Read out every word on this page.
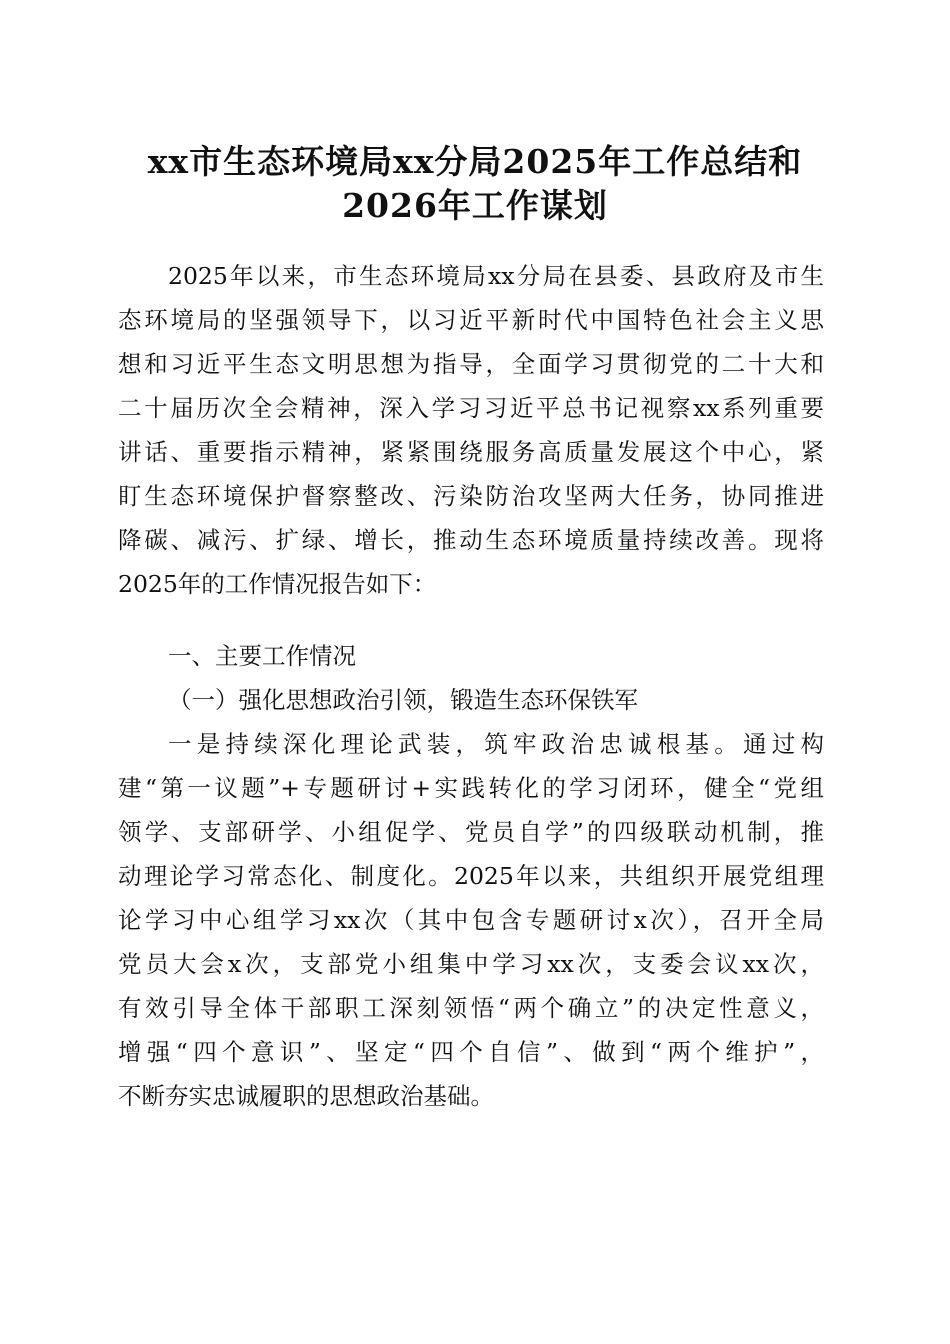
xx市生态环境局xx分局2025年工作总结和
2026年工作谋划
2025年以来，市生态环境局xx分局在县委、县政府及市生
态环境局的坚强领导下，以习近平新时代中国特色社会主义思
想和习近平生态文明思想为指导，全面学习贯彻党的二十大和
二十届历次全会精神，深入学习习近平总书记视察xx系列重要
讲话、重要指示精神，紧紧围绕服务高质量发展这个中心，紧
盯生态环境保护督察整改、污染防治攻坚两大任务，协同推进
降碳、减污、扩绿、增长，推动生态环境质量持续改善。现将
2025年的工作情况报告如下：
一、主要工作情况
（一）强化思想政治引领，锻造生态环保铁军
一是持续深化理论武装，筑牢政治忠诚根基。通过构
建“第一议题”+专题研讨+实践转化的学习闭环，健全“党组
领学、支部研学、小组促学、党员自学”的四级联动机制，推
动理论学习常态化、制度化。2025年以来，共组织开展党组理
论学习中心组学习xx次（其中包含专题研讨x次），召开全局
党员大会x次，支部党小组集中学习xx次，支委会议xx次，
有效引导全体干部职工深刻领悟“两个确立”的决定性意义，
增强“四个意识”、坚定“四个自信”、做到“两个维护”，
不断夯实忠诚履职的思想政治基础。
